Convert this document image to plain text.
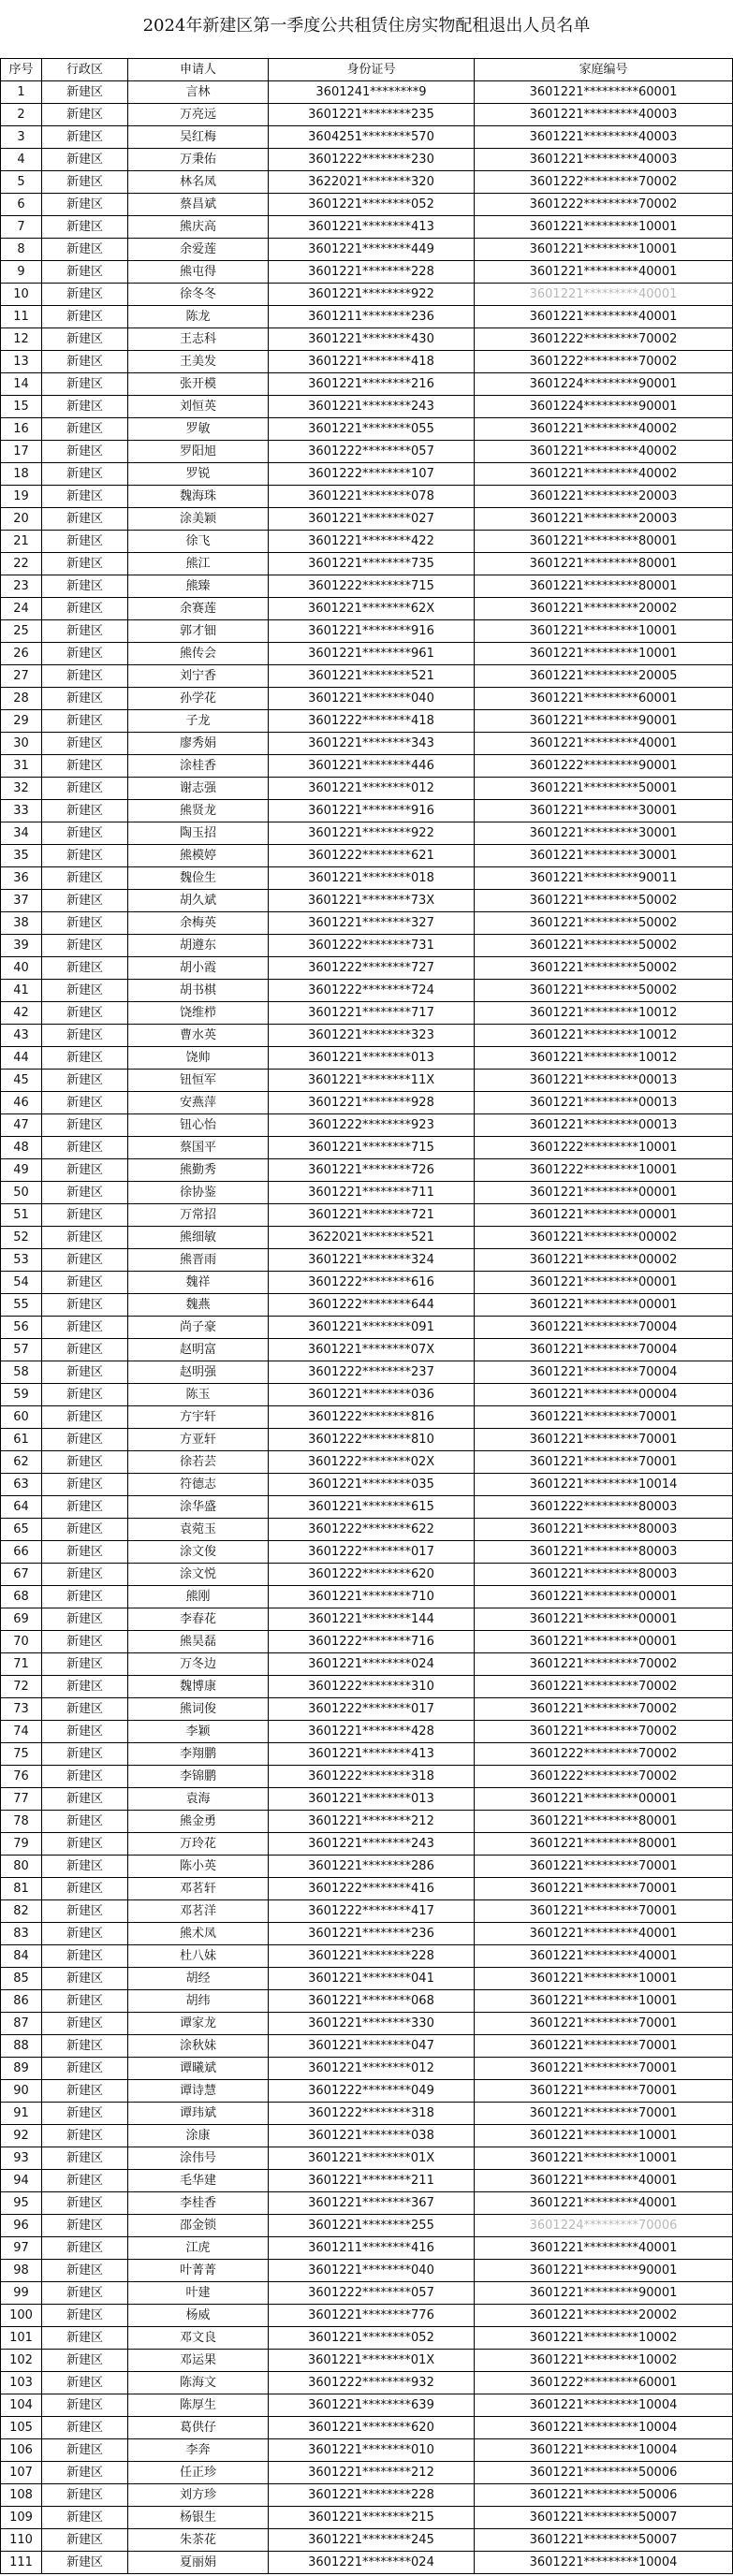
2024年新建区第一季度公共租赁住房实物配租退出人员名单
序号	行政区	申请人	身份证号	家庭编号
1	新建区	言林	3601241********9	3601221*********60001
2	新建区	万亮远	3601221********235	3601221*********40003
3	新建区	吴红梅	3604251********570	3601221*********40003
4	新建区	万秉佑	3601222********230	3601221*********40003
5	新建区	林名凤	3622021********320	3601222*********70002
6	新建区	蔡昌斌	3601221********052	3601222*********70002
7	新建区	熊庆高	3601221********413	3601221*********10001
8	新建区	余爱莲	3601221********449	3601221*********10001
9	新建区	熊屯得	3601221********228	3601221*********40001
10	新建区	徐冬冬	3601221********922	3601221*********40001
11	新建区	陈龙	3601211********236	3601221*********40001
12	新建区	王志科	3601221********430	3601222*********70002
13	新建区	王美发	3601221********418	3601222*********70002
14	新建区	张开模	3601221********216	3601224*********90001
15	新建区	刘恒英	3601221********243	3601224*********90001
16	新建区	罗敏	3601221********055	3601221*********40002
17	新建区	罗阳旭	3601222********057	3601221*********40002
18	新建区	罗锐	3601222********107	3601221*********40002
19	新建区	魏海珠	3601221********078	3601221*********20003
20	新建区	涂美颖	3601221********027	3601221*********20003
21	新建区	徐飞	3601221********422	3601221*********80001
22	新建区	熊江	3601221********735	3601221*********80001
23	新建区	熊臻	3601222********715	3601221*********80001
24	新建区	余赛莲	3601221********62X	3601221*********20002
25	新建区	郭才钿	3601221********916	3601221*********10001
26	新建区	熊传会	3601221********961	3601221*********10001
27	新建区	刘宁香	3601221********521	3601221*********20005
28	新建区	孙学花	3601221********040	3601221*********60001
29	新建区	子龙	3601222********418	3601221*********90001
30	新建区	廖秀娟	3601221********343	3601221*********40001
31	新建区	涂桂香	3601221********446	3601222*********90001
32	新建区	谢志强	3601221********012	3601221*********50001
33	新建区	熊贤龙	3601221********916	3601221*********30001
34	新建区	陶玉招	3601221********922	3601221*********30001
35	新建区	熊模婷	3601222********621	3601221*********30001
36	新建区	魏俭生	3601221********018	3601221*********90011
37	新建区	胡久斌	3601221********73X	3601221*********50002
38	新建区	余梅英	3601221********327	3601221*********50002
39	新建区	胡遵东	3601222********731	3601221*********50002
40	新建区	胡小霞	3601222********727	3601221*********50002
41	新建区	胡书棋	3601222********724	3601221*********50002
42	新建区	饶维栉	3601221********717	3601221*********10012
43	新建区	曹水英	3601221********323	3601221*********10012
44	新建区	饶帅	3601221********013	3601221*********10012
45	新建区	钮恒军	3601221********11X	3601221*********00013
46	新建区	安燕萍	3601221********928	3601221*********00013
47	新建区	钮心怡	3601222********923	3601221*********00013
48	新建区	蔡国平	3601221********715	3601222*********10001
49	新建区	熊勤秀	3601221********726	3601222*********10001
50	新建区	徐协鉴	3601221********711	3601221*********00001
51	新建区	万常招	3601221********721	3601221*********00001
52	新建区	熊细敏	3622021********521	3601221*********00002
53	新建区	熊晋雨	3601221********324	3601221*********00002
54	新建区	魏祥	3601222********616	3601221*********00001
55	新建区	魏燕	3601222********644	3601221*********00001
56	新建区	尚子豪	3601221********091	3601221*********70004
57	新建区	赵明富	3601221********07X	3601221*********70004
58	新建区	赵明强	3601222********237	3601221*********70004
59	新建区	陈玉	3601221********036	3601221*********00004
60	新建区	方宇轩	3601222********816	3601221*********70001
61	新建区	方亚轩	3601222********810	3601221*********70001
62	新建区	徐若芸	3601222********02X	3601221*********70001
63	新建区	符德志	3601221********035	3601221*********10014
64	新建区	涂华盛	3601221********615	3601222*********80003
65	新建区	袁菀玉	3601222********622	3601221*********80003
66	新建区	涂文俊	3601222********017	3601221*********80003
67	新建区	涂文悦	3601222********620	3601221*********80003
68	新建区	熊刚	3601221********710	3601221*********00001
69	新建区	李春花	3601221********144	3601221*********00001
70	新建区	熊昊磊	3601222********716	3601221*********00001
71	新建区	万冬边	3601221********024	3601221*********70002
72	新建区	魏博康	3601222********310	3601221*********70002
73	新建区	熊词俊	3601222********017	3601221*********70002
74	新建区	李颖	3601221********428	3601221*********70002
75	新建区	李翔鹏	3601221********413	3601222*********70002
76	新建区	李锦鹏	3601222********318	3601222*********70002
77	新建区	袁海	3601221********013	3601221*********00001
78	新建区	熊金勇	3601221********212	3601221*********80001
79	新建区	万玲花	3601221********243	3601221*********80001
80	新建区	陈小英	3601221********286	3601221*********70001
81	新建区	邓茗轩	3601222********416	3601221*********70001
82	新建区	邓茗洋	3601222********417	3601221*********70001
83	新建区	熊术凤	3601221********236	3601221*********40001
84	新建区	杜八妹	3601221********228	3601221*********40001
85	新建区	胡经	3601221********041	3601221*********10001
86	新建区	胡纬	3601221********068	3601221*********10001
87	新建区	谭家龙	3601221********330	3601221*********70001
88	新建区	涂秋妹	3601221********047	3601221*********70001
89	新建区	谭曦斌	3601221********012	3601221*********70001
90	新建区	谭诗慧	3601222********049	3601221*********70001
91	新建区	谭玮斌	3601222********318	3601221*********70001
92	新建区	涂康	3601221********038	3601221*********10001
93	新建区	涂伟号	3601221********01X	3601221*********10001
94	新建区	毛华建	3601221********211	3601221*********40001
95	新建区	李桂香	3601221********367	3601221*********40001
96	新建区	邵金锁	3601221********255	3601224*********70006
97	新建区	江虎	3601211********416	3601221*********40001
98	新建区	叶菁菁	3601221********040	3601221*********90001
99	新建区	叶建	3601222********057	3601221*********90001
100	新建区	杨威	3601221********776	3601221*********20002
101	新建区	邓文良	3601221********052	3601221*********10002
102	新建区	邓运果	3601221********01X	3601221*********10002
103	新建区	陈海文	3601222********932	3601222*********60001
104	新建区	陈厚生	3601221********639	3601221*********10004
105	新建区	葛供仔	3601221********620	3601221*********10004
106	新建区	李奔	3601221********010	3601221*********10004
107	新建区	任正珍	3601221********212	3601221*********50006
108	新建区	刘方珍	3601221********228	3601221*********50006
109	新建区	杨银生	3601221********215	3601221*********50007
110	新建区	朱茶花	3601221********245	3601221*********50007
111	新建区	夏丽娟	3601221********024	3601221*********10004
